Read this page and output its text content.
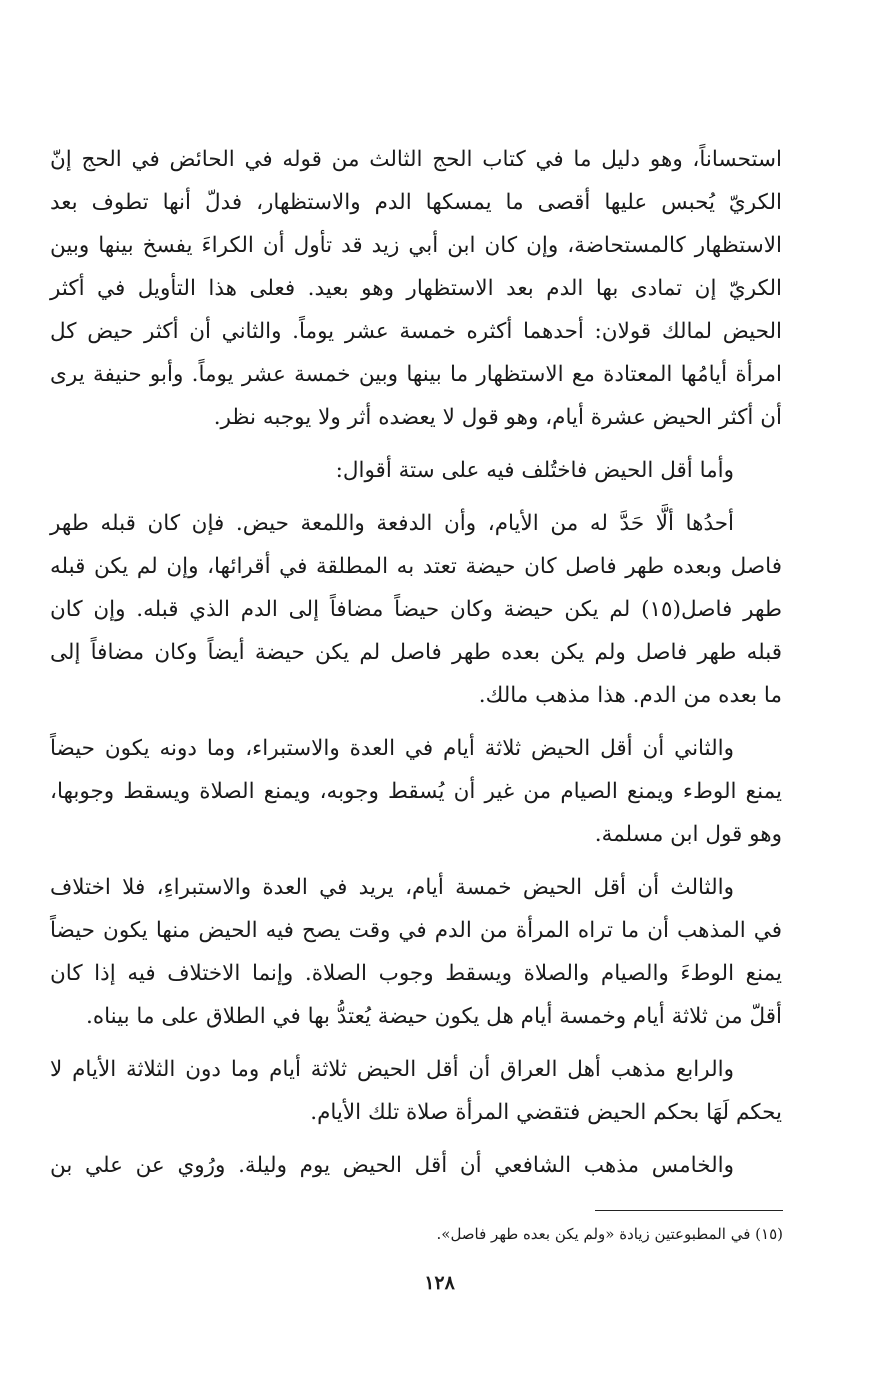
استحساناً، وهو دليل ما في كتاب الحج الثالث من قوله في الحائض في الحج إنّ
الكريّ يُحبس عليها أقصى ما يمسكها الدم والاستظهار، فدلّ أنها تطوف بعد
الاستظهار كالمستحاضة، وإن كان ابن أبي زيد قد تأول أن الكراءَ يفسخ بينها وبين
الكريّ إن تمادى بها الدم بعد الاستظهار وهو بعيد. فعلى هذا التأويل في أكثر
الحيض لمالك قولان: أحدهما أكثره خمسة عشر يوماً. والثاني أن أكثر حيض كل
امرأة أيامُها المعتادة مع الاستظهار ما بينها وبين خمسة عشر يوماً. وأبو حنيفة يرى
أن أكثر الحيض عشرة أيام، وهو قول لا يعضده أثر ولا يوجبه نظر.
وأما أقل الحيض فاختُلف فيه على ستة أقوال:
أحدُها ألَّا حَدَّ له من الأيام، وأن الدفعة واللمعة حيض. فإن كان قبله طهر
فاصل وبعده طهر فاصل كان حيضة تعتد به المطلقة في أقرائها، وإن لم يكن قبله
طهر فاصل(١٥) لم يكن حيضة وكان حيضاً مضافاً إلى الدم الذي قبله. وإن كان
قبله طهر فاصل ولم يكن بعده طهر فاصل لم يكن حيضة أيضاً وكان مضافاً إلى
ما بعده من الدم. هذا مذهب مالك.
والثاني أن أقل الحيض ثلاثة أيام في العدة والاستبراء، وما دونه يكون حيضاً
يمنع الوطء ويمنع الصيام من غير أن يُسقط وجوبه، ويمنع الصلاة ويسقط وجوبها،
وهو قول ابن مسلمة.
والثالث أن أقل الحيض خمسة أيام، يريد في العدة والاستبراءِ، فلا اختلاف
في المذهب أن ما تراه المرأة من الدم في وقت يصح فيه الحيض منها يكون حيضاً
يمنع الوطءَ والصيام والصلاة ويسقط وجوب الصلاة. وإنما الاختلاف فيه إذا كان
أقلّ من ثلاثة أيام وخمسة أيام هل يكون حيضة يُعتدُّ بها في الطلاق على ما بيناه.
والرابع مذهب أهل العراق أن أقل الحيض ثلاثة أيام وما دون الثلاثة الأيام لا
يحكم لَهَا بحكم الحيض فتقضي المرأة صلاة تلك الأيام.
والخامس مذهب الشافعي أن أقل الحيض يوم وليلة. ورُوي عن علي بن
(١٥) في المطبوعتين زيادة «ولم يكن بعده طهر فاصل».
١٢٨
